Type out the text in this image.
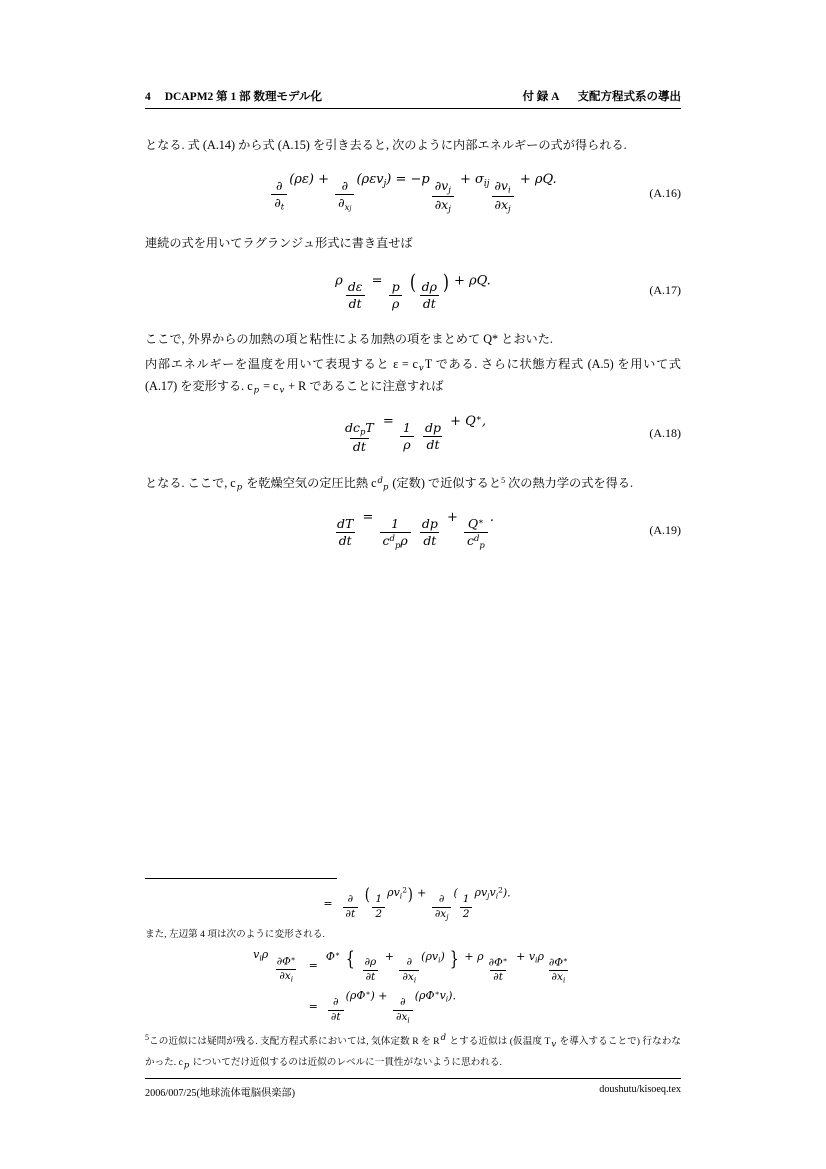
4 DCAPM2 第 1 部 数理モデル化	付 録 A 支配方程式系の導出

となる. 式 (A.14) から式 (A.15) を引き去ると, 次のように内部エネルギーの式が得られる.

$\frac{\partial}{\partial_t} (\rho\varepsilon) + \frac{\partial}{\partial_{xj}} (\rho\varepsilon v_j) = -p \frac{\partial v_j}{\partial x_j} + \sigma_{ij} \frac{\partial v_i}{\partial x_j} + \rho Q$.
(A.16)

連続の式を用いてラグランジュ形式に書き直せば

ρ $\frac{d\varepsilon}{dt} = \frac{p}{\rho}$ ( $\frac{d\rho}{dt}$ ) + ρQ.
(A.17)

ここで, 外界からの加熱の項と粘性による加熱の項をまとめて Q* とおいた.

内部エネルギーを温度を用いて表現すると $\varepsilon = c_vT$ である. さらに状態方程式 (A.5) を用いて式 (A.17) を変形する. $c_p = c_v + R$ であることに注意すれば

$\frac{dc_pT}{dt} = \frac{1}{\rho}$
$\frac{dp}{dt} + Q^∗$,
(A.18)

となる. ここで, $c_p$ を乾燥空気の定圧比熱 $c^d_p$ (定数) で近似すると$^5$ 次の熱力学の式を得る.

$\frac{dT}{dt} = \frac{1}{c^d_p\rho}$
$\frac{dp}{dt} + \frac{Q^∗}{c^d_p}$ .
(A.19)
= $\frac{\partial}{\partial t}$ ( $\frac{1}{2}$
$\rho v_i^2$) +
$\frac{\partial}{\partial x_j}$
(
$\frac{1}{2}$
$\rho v_jv_i^2$).

また, 左辺第 4 項は次のように変形される.

$v_i\rho \frac{\partial\Phi^∗}{\partial x_i}$ =
Φ∗ { $\frac{\partial\rho}{\partial t}$
+
$\frac{\partial}{\partial x_i}$
$(\rho v_i)$ } + ρ $\frac{\partial\Phi^∗}{\partial t} + v_i\rho \frac{\partial\Phi^∗}{\partial x_i}$
= $\frac{\partial}{\partial t}$
(ρΦ∗) +
$\frac{\partial}{\partial x_i}$
$(\rho\Phi^∗v_i)$.

$^5$この近似には疑問が残る. 支配方程式系においては, 気体定数 R を $R^d$ とする近似は (仮温度 $T_v$ を導入することで) 行なわなかった. $c_p$ についてだけ近似するのは近似のレベルに一貫性がないように思われる.

2006/007/25(地球流体電脳倶楽部)	doushutu/kisoeq.tex
